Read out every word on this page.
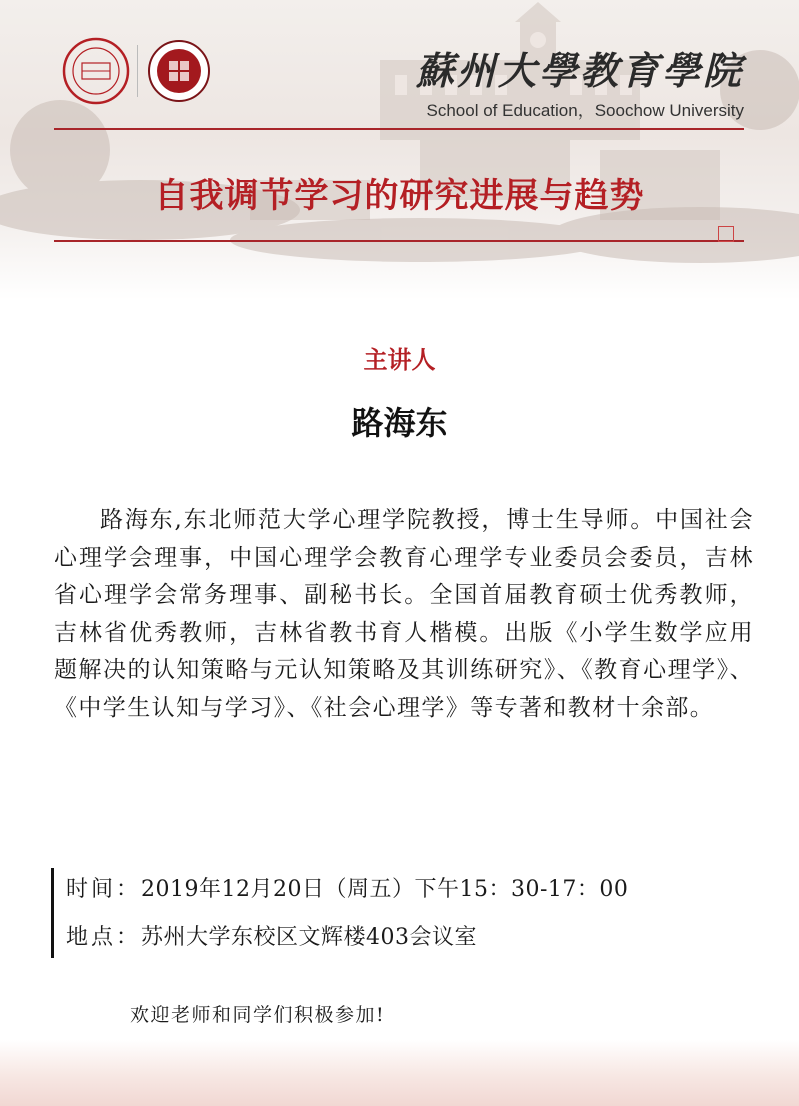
蘇州大學教育學院
School of Education，Soochow University
自我调节学习的研究进展与趋势
主讲人
路海东

路海东,东北师范大学心理学院教授，博士生导师。中国社会心理学会理事，中国心理学会教育心理学专业委员会委员，吉林省心理学会常务理事、副秘书长。全国首届教育硕士优秀教师，吉林省优秀教师，吉林省教书育人楷模。出版《小学生数学应用题解决的认知策略与元认知策略及其训练研究》、《教育心理学》、《中学生认知与学习》、《社会心理学》等专著和教材十余部。

时间：2019年12月20日（周五）下午15：30-17：00
地点：苏州大学东校区文辉楼403会议室
欢迎老师和同学们积极参加!
